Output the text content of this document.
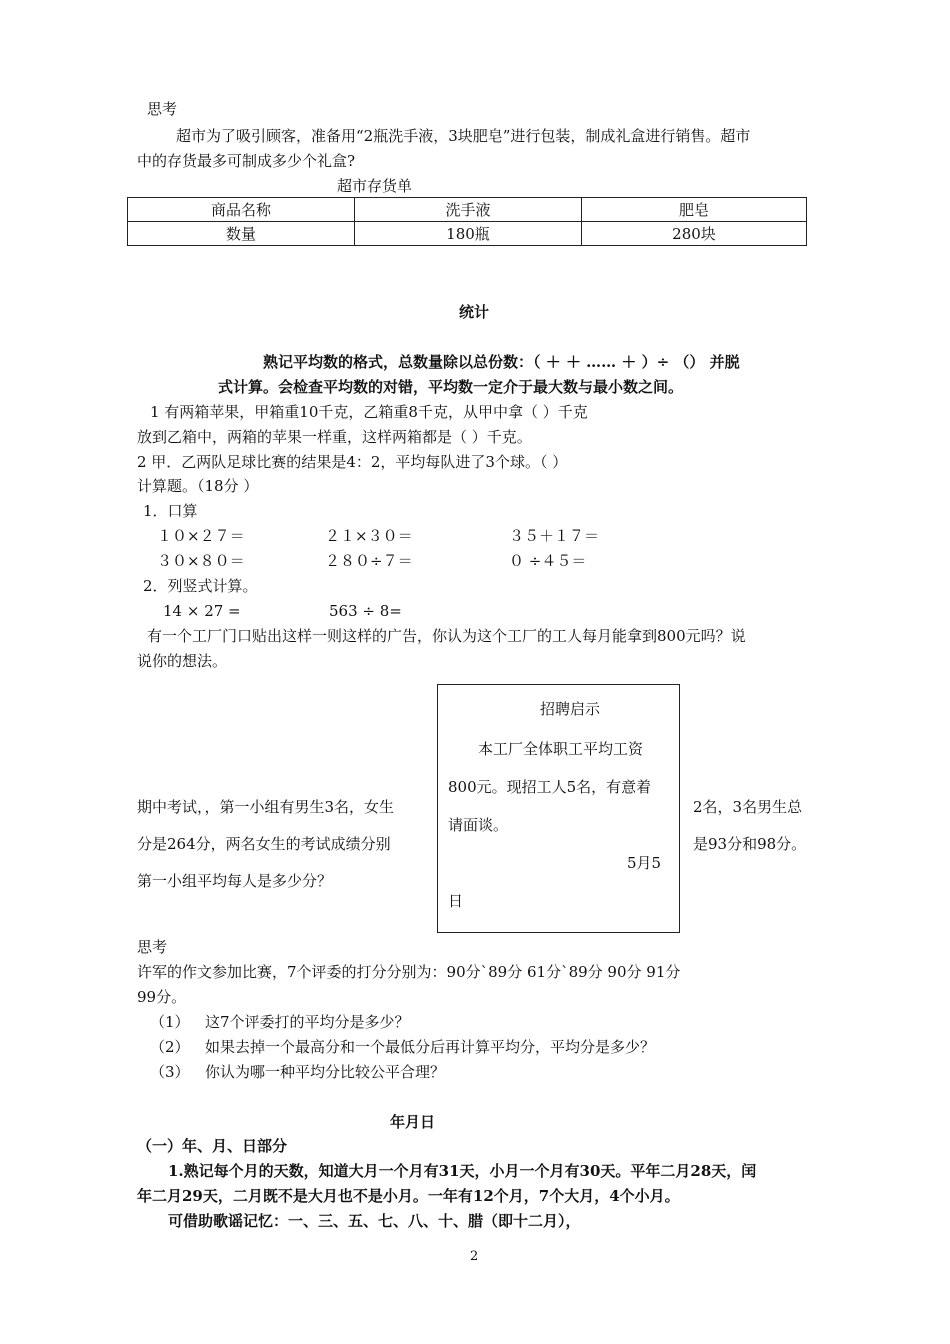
思考
超市为了吸引顾客，准备用“2瓶洗手液，3块肥皂”进行包装，制成礼盒进行销售。超市
中的存货最多可制成多少个礼盒?
超市存货单
商品名称	洗手液	肥皂
数量	180瓶	280块
统计
熟记平均数的格式，总数量除以总份数：（ ＋ ＋ …… ＋ ）÷ （） 并脱
式计算。会检查平均数的对错，平均数一定介于最大数与最小数之间。
1 有两箱苹果，甲箱重10千克，乙箱重8千克，从甲中拿（ ）千克
放到乙箱中，两箱的苹果一样重，这样两箱都是（ ）千克。
2 甲．乙两队足球比赛的结果是4：2，平均每队进了3个球。（ ）
计算题。（18分 ）
1．口算
１０×２７＝	２１×３０＝	３５＋１７＝
３０×８０＝	２８０÷７＝	０ ÷４５＝
2．列竖式计算。
14 × 27 =	563 ÷ 8=
有一个工厂门口贴出这样一则这样的广告，你认为这个工厂的工人每月能拿到800元吗？说
说你的想法。
期中考试，，第一小组有男生3名，女生
分是264分，两名女生的考试成绩分别
第一小组平均每人是多少分？
2名，3名男生总
是93分和98分。
招聘启示
本工厂全体职工平均工资
800元。现招工人5名，有意着
请面谈。
5月5
日
思考
许军的作文参加比赛，7个评委的打分分别为：90分`89分 61分`89分 90分 91分
99分。
（1） 这7个评委打的平均分是多少？
（2） 如果去掉一个最高分和一个最低分后再计算平均分，平均分是多少？
（3） 你认为哪一种平均分比较公平合理？
年月日
（一）年、月、日部分
1.熟记每个月的天数，知道大月一个月有31天，小月一个月有30天。平年二月28天，闰
年二月29天，二月既不是大月也不是小月。一年有12个月，7个大月，4个小月。
可借助歌谣记忆：一、三、五、七、八、十、腊（即十二月），
2
